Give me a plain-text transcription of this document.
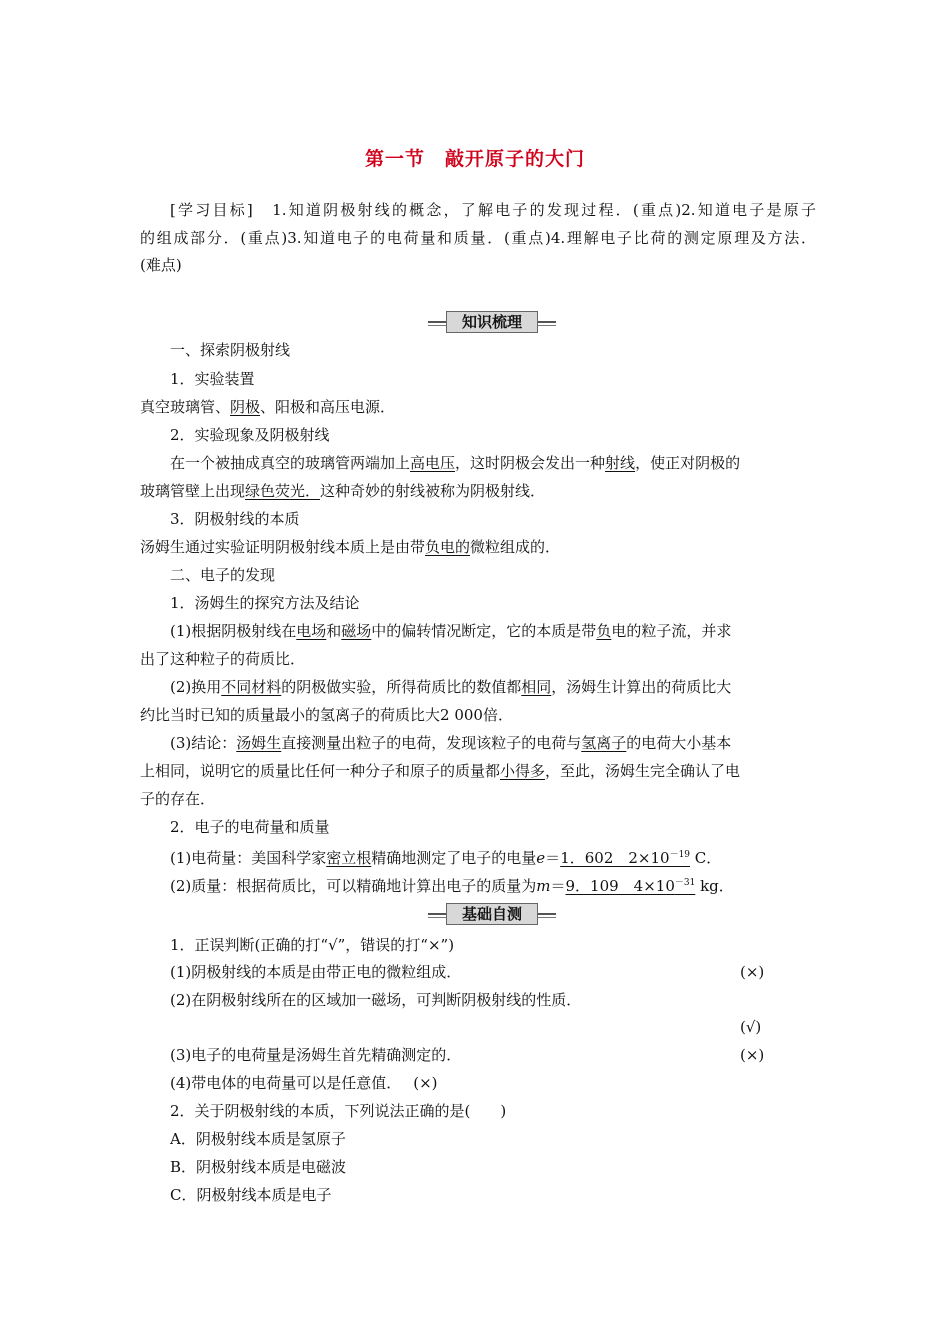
第一节　敲开原子的大门
[学习目标]　1.知道阴极射线的概念，了解电子的发现过程．(重点)2.知道电子是原子
的组成部分．(重点)3.知道电子的电荷量和质量．(重点)4.理解电子比荷的测定原理及方法．
(难点)
知识梳理
一、探索阴极射线
1．实验装置
真空玻璃管、阴极、阳极和高压电源．
2．实验现象及阴极射线
在一个被抽成真空的玻璃管两端加上高电压，这时阴极会发出一种射线，使正对阴极的
玻璃管壁上出现绿色荧光．这种奇妙的射线被称为阴极射线．
3．阴极射线的本质
汤姆生通过实验证明阴极射线本质上是由带负电的微粒组成的．
二、电子的发现
1．汤姆生的探究方法及结论
(1)根据阴极射线在电场和磁场中的偏转情况断定，它的本质是带负电的粒子流，并求
出了这种粒子的荷质比．
(2)换用不同材料的阴极做实验，所得荷质比的数值都相同，汤姆生计算出的荷质比大
约比当时已知的质量最小的氢离子的荷质比大2 000倍．
(3)结论：汤姆生直接测量出粒子的电荷，发现该粒子的电荷与氢离子的电荷大小基本
上相同，说明它的质量比任何一种分子和原子的质量都小得多，至此，汤姆生完全确认了电
子的存在．
2．电子的电荷量和质量
(1)电荷量：美国科学家密立根精确地测定了电子的电量e＝1．602　$2\times 10^{-19}$ C．
(2)质量：根据荷质比，可以精确地计算出电子的质量为m＝9．109　$4\times 10^{-31}$ kg．
基础自测
1．正误判断(正确的打“√”，错误的打“×”)
(1)阴极射线的本质是由带正电的微粒组成．	(×)
(2)在阴极射线所在的区域加一磁场，可判断阴极射线的性质．
(√)
(3)电子的电荷量是汤姆生首先精确测定的．	(×)
(4)带电体的电荷量可以是任意值． (×)
2．关于阴极射线的本质，下列说法正确的是(　　)
A．阴极射线本质是氢原子
B．阴极射线本质是电磁波
C．阴极射线本质是电子
